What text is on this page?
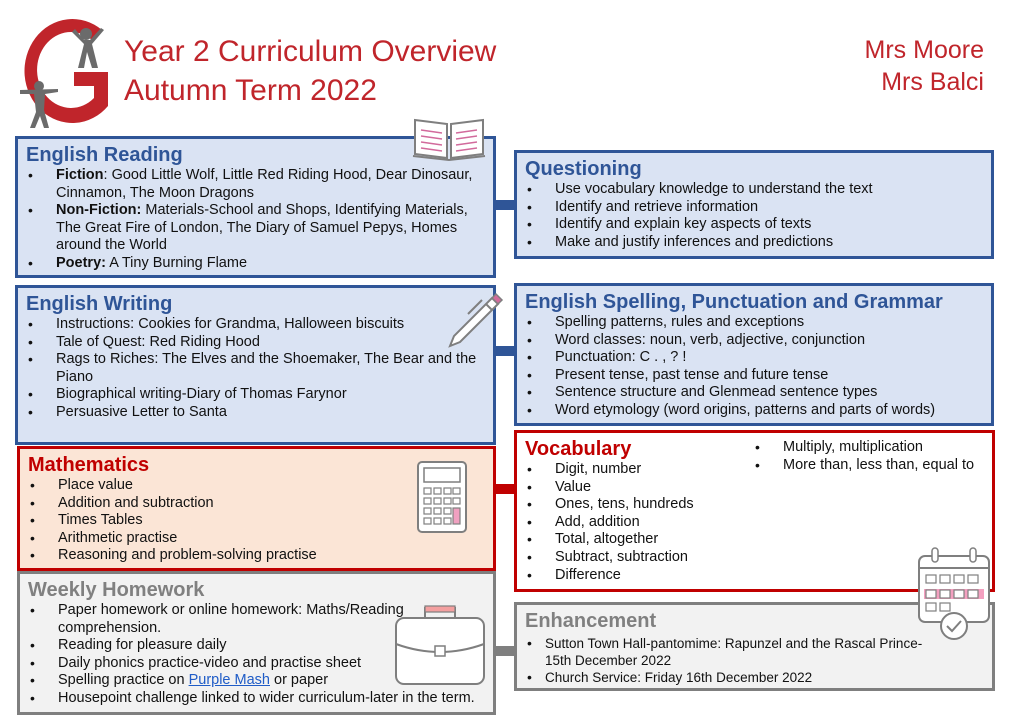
Year 2 Curriculum Overview
Autumn Term 2022
Mrs Moore
Mrs Balci
English Reading
• Fiction: Good Little Wolf, Little Red Riding Hood, Dear Dinosaur, Cinnamon, The Moon Dragons
• Non-Fiction: Materials-School and Shops, Identifying Materials, The Great Fire of London, The Diary of Samuel Pepys, Homes around the World
• Poetry: A Tiny Burning Flame
Questioning
• Use vocabulary knowledge to understand the text
• Identify and retrieve information
• Identify and explain key aspects of texts
• Make and justify inferences and predictions
English Writing
• Instructions: Cookies for Grandma, Halloween biscuits
• Tale of Quest: Red Riding Hood
• Rags to Riches: The Elves and the Shoemaker, The Bear and the Piano
• Biographical writing-Diary of Thomas Farynor
• Persuasive Letter to Santa
English Spelling, Punctuation and Grammar
• Spelling patterns, rules and exceptions
• Word classes: noun, verb, adjective, conjunction
• Punctuation: C . , ? !
• Present tense, past tense and future tense
• Sentence structure and Glenmead sentence types
• Word etymology (word origins, patterns and parts of words)
Mathematics
• Place value
• Addition and subtraction
• Times Tables
• Arithmetic practise
• Reasoning and problem-solving practise
Vocabulary
• Digit, number
• Value
• Ones, tens, hundreds
• Add, addition
• Total, altogether
• Subtract, subtraction
• Difference
• Multiply, multiplication
• More than, less than, equal to
Weekly Homework
• Paper homework or online homework: Maths/Reading comprehension.
• Reading for pleasure daily
• Daily phonics practice-video and practise sheet
• Spelling practice on Purple Mash or paper
• Housepoint challenge linked to wider curriculum-later in the term.
Enhancement
• Sutton Town Hall-pantomime: Rapunzel and the Rascal Prince-15th December 2022
• Church Service: Friday 16th December 2022
